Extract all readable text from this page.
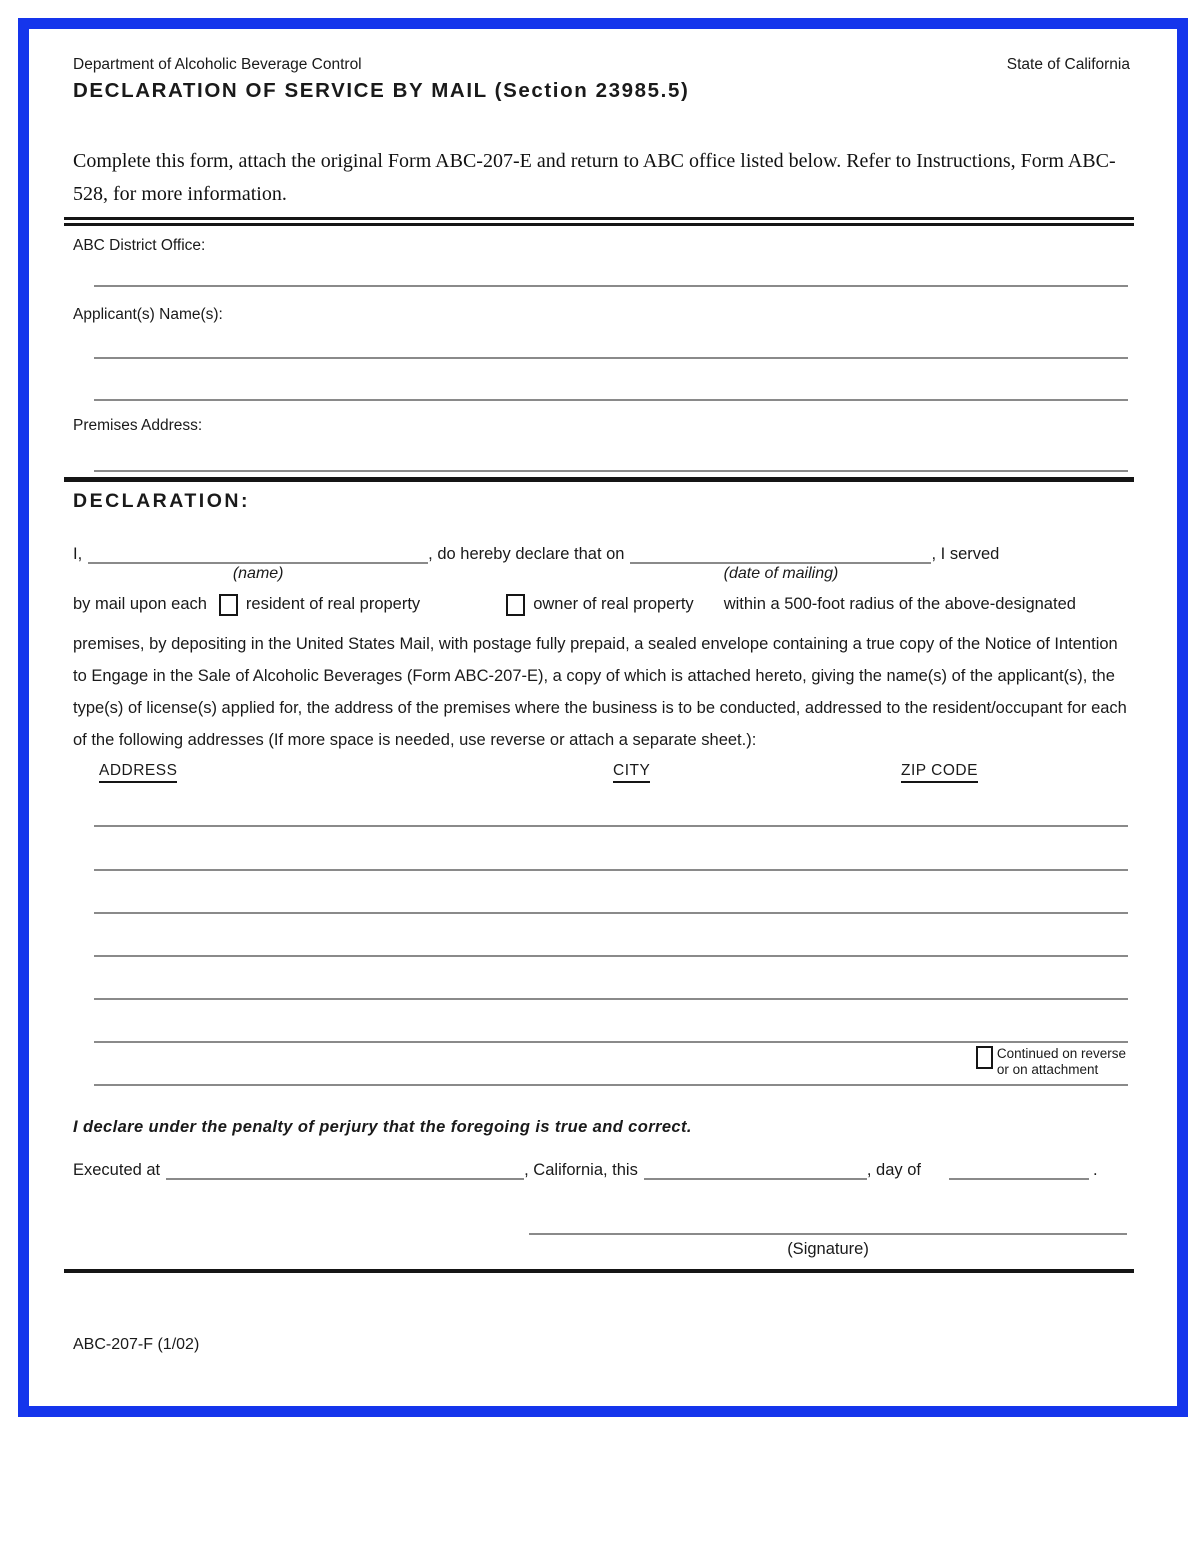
Department of Alcoholic Beverage Control	State of California
DECLARATION OF SERVICE BY MAIL (Section 23985.5)

Complete this form, attach the original Form ABC-207-E and return to ABC office listed below. Refer to Instructions, Form ABC-528, for more information.

ABC District Office:
Applicant(s) Name(s):
Premises Address:
DECLARATION:
I,
(name)
, do hereby declare that on
(date of mailing)
, I served
by mail upon each resident of real property	owner of real property within a 500-foot radius of the above-designated

premises, by depositing in the United States Mail, with postage fully prepaid, a sealed envelope containing a true copy of the Notice of Intention to Engage in the Sale of Alcoholic Beverages (Form ABC-207-E), a copy of which is attached hereto, giving the name(s) of the applicant(s), the type(s) of license(s) applied for, the address of the premises where the business is to be conducted, addressed to the resident/occupant for each of the following addresses (If more space is needed, use reverse or attach a separate sheet.):

ADDRESS	CITY	ZIP CODE
Continued on reverse
or on attachment
I declare under the penalty of perjury that the foregoing is true and correct.
Executed at	, California, this	, day of	.
(Signature)
ABC-207-F (1/02)
